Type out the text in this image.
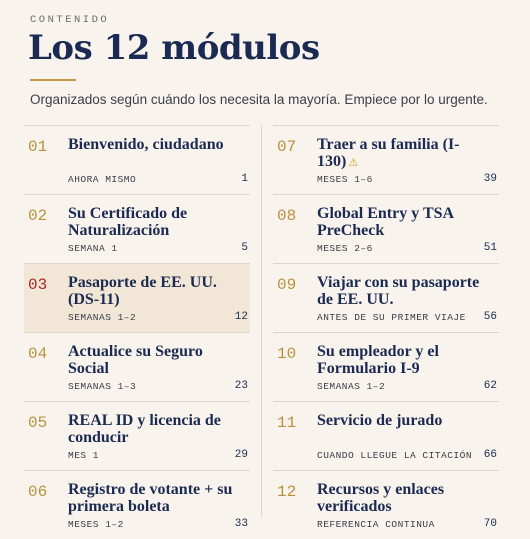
CONTENIDO
Los 12 módulos
Organizados según cuándo los necesita la mayoría. Empiece por lo urgente.
01 Bienvenido, ciudadano
AHORA MISMO	1
02 Su Certificado de Naturalización
SEMANA 1	5
03 Pasaporte de EE. UU. (DS-11)
SEMANAS 1–2	12
04 Actualice su Seguro Social
SEMANAS 1–3	23
05 REAL ID y licencia de conducir
MES 1	29
06 Registro de votante + su primera boleta
MESES 1–2	33
07 Traer a su familia (I-130) ⚠
MESES 1–6	39
08 Global Entry y TSA PreCheck
MESES 2–6	51
09 Viajar con su pasaporte de EE. UU.
ANTES DE SU PRIMER VIAJE 56
10 Su empleador y el Formulario I-9
SEMANAS 1–2	62
11 Servicio de jurado
CUANDO LLEGUE LA CITACIÓN 66
12 Recursos y enlaces verificados
REFERENCIA CONTINUA	70
